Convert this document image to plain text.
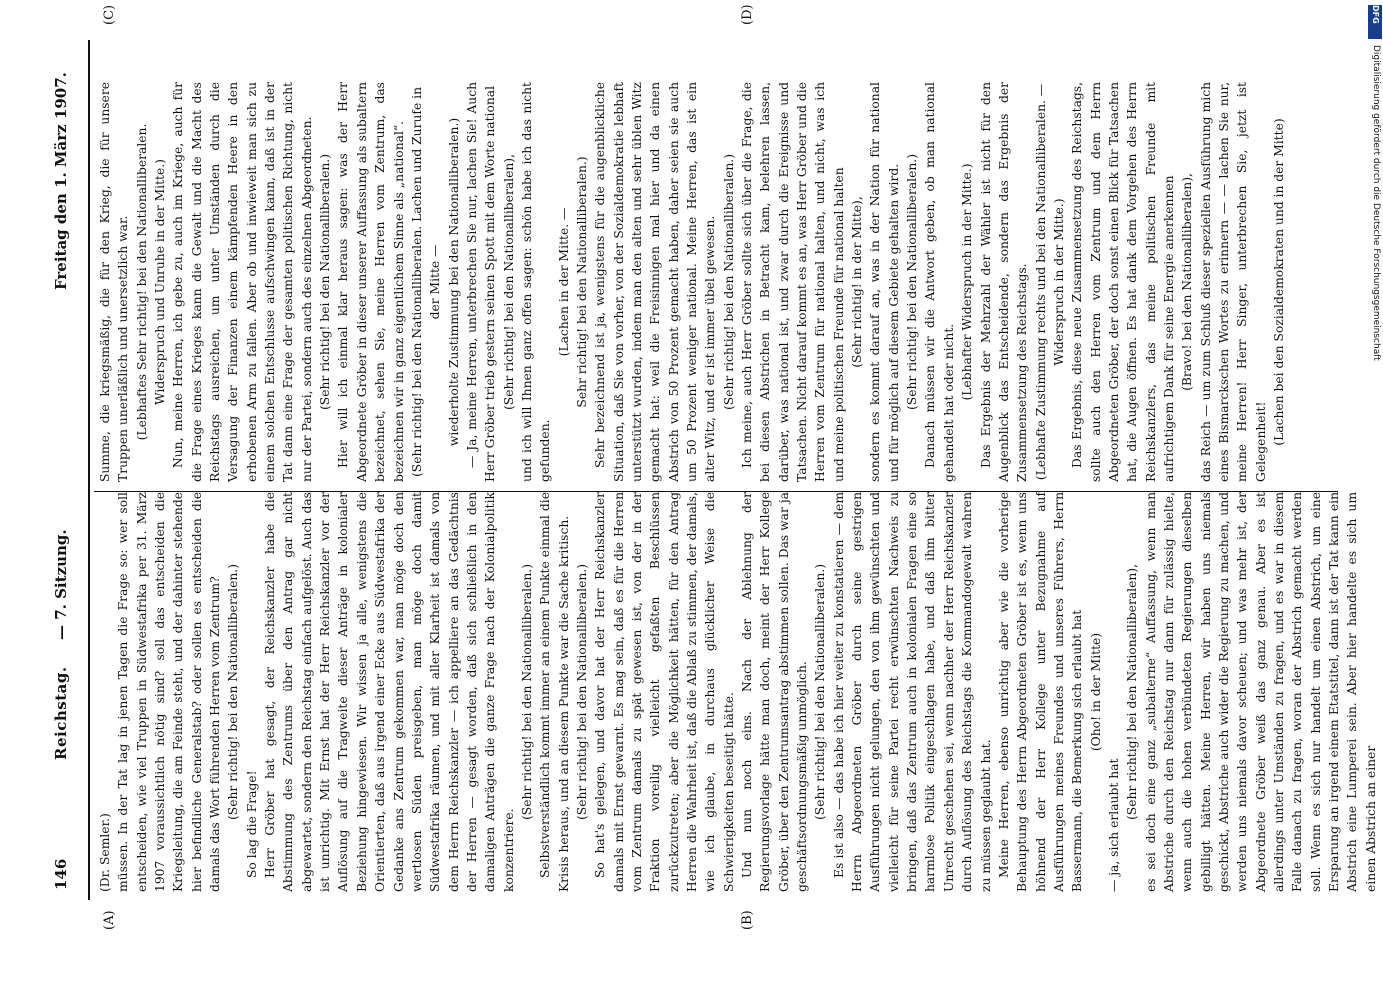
146
Reichstag.
— 7. Sitzung.
Freitag den 1. März 1907.
(A)	(B)
(C)	(D)

(Dr. Semler.) müssen. In der Tat lag in jenen Tagen die Frage so: wer soll entscheiden, wie viel Truppen in Südwestafrika per 31. März 1907 voraussichtlich nötig sind? soll das entscheiden die Kriegsleitung, die am Feinde steht, und der dahinter stehende hier befindliche Generalstab? oder sollen es entscheiden die damals das Wort führenden Herren vom Zentrum? (Sehr richtig! bei den Nationalliberalen.)

So lag die Frage! Herr Gröber hat gesagt, der Reichskanzler habe die Abstimmung des Zentrums über den Antrag gar nicht abgewartet, sondern den Reichstag einfach aufgelöst. Auch das ist unrichtig. Mit Ernst hat der Herr Reichskanzler vor der Auflösung auf die Tragweite dieser Anträge in kolonialer Beziehung hingewiesen. Wir wissen ja alle, wenigstens die Orientierten, daß aus irgend einer Ecke aus Südwestafrika der Gedanke ans Zentrum gekommen war, man möge doch den wertlosen Süden preisgeben, man möge doch damit Südwestafrika räumen, und mit aller Klarheit ist damals von dem Herrn Reichskanzler — ich appelliere an das Gedächtnis der Herren — gesagt worden, daß sich schließlich in den damaligen Anträgen die ganze Frage nach der Kolonialpolitik konzentriere.

(Sehr richtig! bei den Nationalliberalen.) Selbstverständlich kommt immer an einem Punkte einmal die Krisis heraus, und an diesem Punkte war die Sache kritisch. (Sehr richtig! bei den Nationalliberalen.) So hat's gelegen, und davor hat der Herr Reichskanzler damals mit Ernst gewarnt. Es mag sein, daß es für die Herren vom Zentrum damals zu spät gewesen ist, von der in der Fraktion voreilig vielleicht gefaßten Beschlüssen zurückzutreten; aber die Möglichkeit hätten, für den Antrag Herren die Wahrheit ist, daß die Ablaß zu stimmen, der damals, wie ich glaube, in durchaus glücklicher Weise die Schwierigkeiten beseitigt hätte. Und nun noch eins. Nach der Ablehnung der Regierungsvorlage hätte man doch, meint der Herr Kollege Gröber, über den Zentrumsantrag abstimmen sollen. Das war ja geschäftsordnungsmäßig unmöglich. (Sehr richtig! bei den Nationalliberalen.) Es ist also — das habe ich hier weiter zu konstatieren — dem Herrn Abgeordneten Gröber durch seine gestrigen Ausführungen nicht gelungen, den von ihm gewünschten und vielleicht für seine Partei recht erwünschten Nachweis zu bringen, daß das Zentrum auch in kolonialen Fragen eine so harmlose Politik eingeschlagen habe, und daß ihm bitter Unrecht geschehen sei, wenn nachher der Herr Reichskanzler durch Auflösung des Reichstags die Kommandogewalt wahren zu müssen geglaubt hat. Meine Herren, ebenso unrichtig aber wie die vorherige Behauptung des Herrn Abgeordneten Gröber ist es, wenn uns höhnend der Herr Kollege unter Bezugnahme auf Ausführungen meines Freundes und unseres Führers, Herrn Bassermann, die Bemerkung sich erlaubt hat (Oho! in der Mitte)

— ja, sich erlaubt hat

(Sehr richtig! bei den Nationalliberalen), es sei doch eine ganz „subalterne“ Auffassung, wenn man Abstriche durch den Reichstag nur dann für zulässig hielte, wenn auch die hohen verbündeten Regierungen dieselben gebilligt hätten. Meine Herren, wir haben uns niemals geschickt, Abstriche auch wider die Regierung zu machen, und werden uns niemals davor scheuen; und was mehr ist, der Abgeordnete Gröber weiß das ganz genau. Aber es ist allerdings unter Umständen zu fragen, und es war in diesem Falle danach zu fragen, woran der Abstrich gemacht werden soll. Wenn es sich nur handelt um einen Abstrich, um eine Ersparung an irgend einem Etatstitel, dann ist der Tat kann ein Abstrich eine Lumperei sein. Aber hier handelte es sich um einen Abstrich an einer

Summe, die kriegsmäßig, die für den Krieg, die für unsere Truppen unerläßlich und unersetzlich war. (Lebhaftes Sehr richtig! bei den Nationalliberalen. Widerspruch und Unruhe in der Mitte.) Nun, meine Herren, ich gebe zu, auch im Kriege, auch für die Frage eines Krieges kann die Gewalt und die Macht des Reichstags ausreichen, um unter Umständen durch die Versagung der Finanzen einem kämpfenden Heere in den erhobenen Arm zu fallen. Aber ob und inwieweit man sich zu einem solchen Entschlusse aufschwingen kann, daß ist in der Tat dann eine Frage der gesamten politischen Richtung, nicht nur der Partei, sondern auch des einzelnen Abgeordneten. (Sehr richtig! bei den Nationalliberalen.) Hier will ich einmal klar heraus sagen: was der Herr Abgeordnete Gröber in dieser unserer Auffassung als subaltern bezeichnet, sehen Sie, meine Herren vom Zentrum, das bezeichnen wir in ganz eigentlichem Sinne als „national“. (Sehr richtig! bei den Nationalliberalen. Lachen und Zurufe in der Mitte — wiederholte Zustimmung bei den Nationalliberalen.) — Ja, meine Herren, unterbrechen Sie nur, lachen Sie! Auch Herr Gröber trieb gestern seinen Spott mit dem Worte national (Sehr richtig! bei den Nationalliberalen), und ich will Ihnen ganz offen sagen: schön habe ich das nicht gefunden.

(Lachen in der Mitte. — Sehr richtig! bei den Nationalliberalen.) Sehr bezeichnend ist ja, wenigstens für die augenblickliche Situation, daß Sie von vorher, von der Sozialdemokratie lebhaft unterstützt wurden, indem man den alten und sehr üblen Witz gemacht hat: weil die Freisinnigen mal hier und da einen Abstrich von 50 Prozent gemacht haben, daher seien sie auch um 50 Prozent weniger national. Meine Herren, das ist ein alter Witz, und er ist immer übel gewesen. (Sehr richtig! bei den Nationalliberalen.) Ich meine, auch Herr Gröber sollte sich über die Frage, die bei diesen Abstrichen in Betracht kam, belehren lassen, darüber, was national ist, und zwar durch die Ereignisse und Tatsachen. Nicht darauf kommt es an, was Herr Gröber und die Herren vom Zentrum für national halten, und nicht, was ich und meine politischen Freunde für national halten (Sehr richtig! in der Mitte), sondern es kommt darauf an, was in der Nation für national und für möglich auf diesem Gebiete gehalten wird. (Sehr richtig! bei den Nationalliberalen.) Danach müssen wir die Antwort geben, ob man national gehandelt hat oder nicht.

(Lebhafter Widerspruch in der Mitte.) Das Ergebnis der Mehrzahl der Wähler ist nicht für den Augenblick das Entscheidende, sondern das Ergebnis der Zusammensetzung des Reichstags. (Lebhafte Zustimmung rechts und bei den Nationalliberalen. — Widerspruch in der Mitte.) Das Ergebnis, diese neue Zusammensetzung des Reichstags, sollte auch den Herren vom Zentrum und dem Herrn Abgeordneten Gröber, der doch sonst einen Blick für Tatsachen hat, die Augen öffnen. Es hat dank dem Vorgehen des Herrn Reichskanzlers, das meine politischen Freunde mit aufrichtigem Dank für seine Energie anerkennen (Bravo! bei den Nationalliberalen), das Reich — um zum Schluß dieser speziellen Ausführung mich eines Bismarckschen Wortes zu erinnern — — lachen Sie nur, meine Herren! Herr Singer, unterbrechen Sie, jetzt ist Gelegenheit! (Lachen bei den Sozialdemokraten und in der Mitte)

DFG
Digitalisierung gefördert durch die Deutsche Forschungsgemeinschaft
